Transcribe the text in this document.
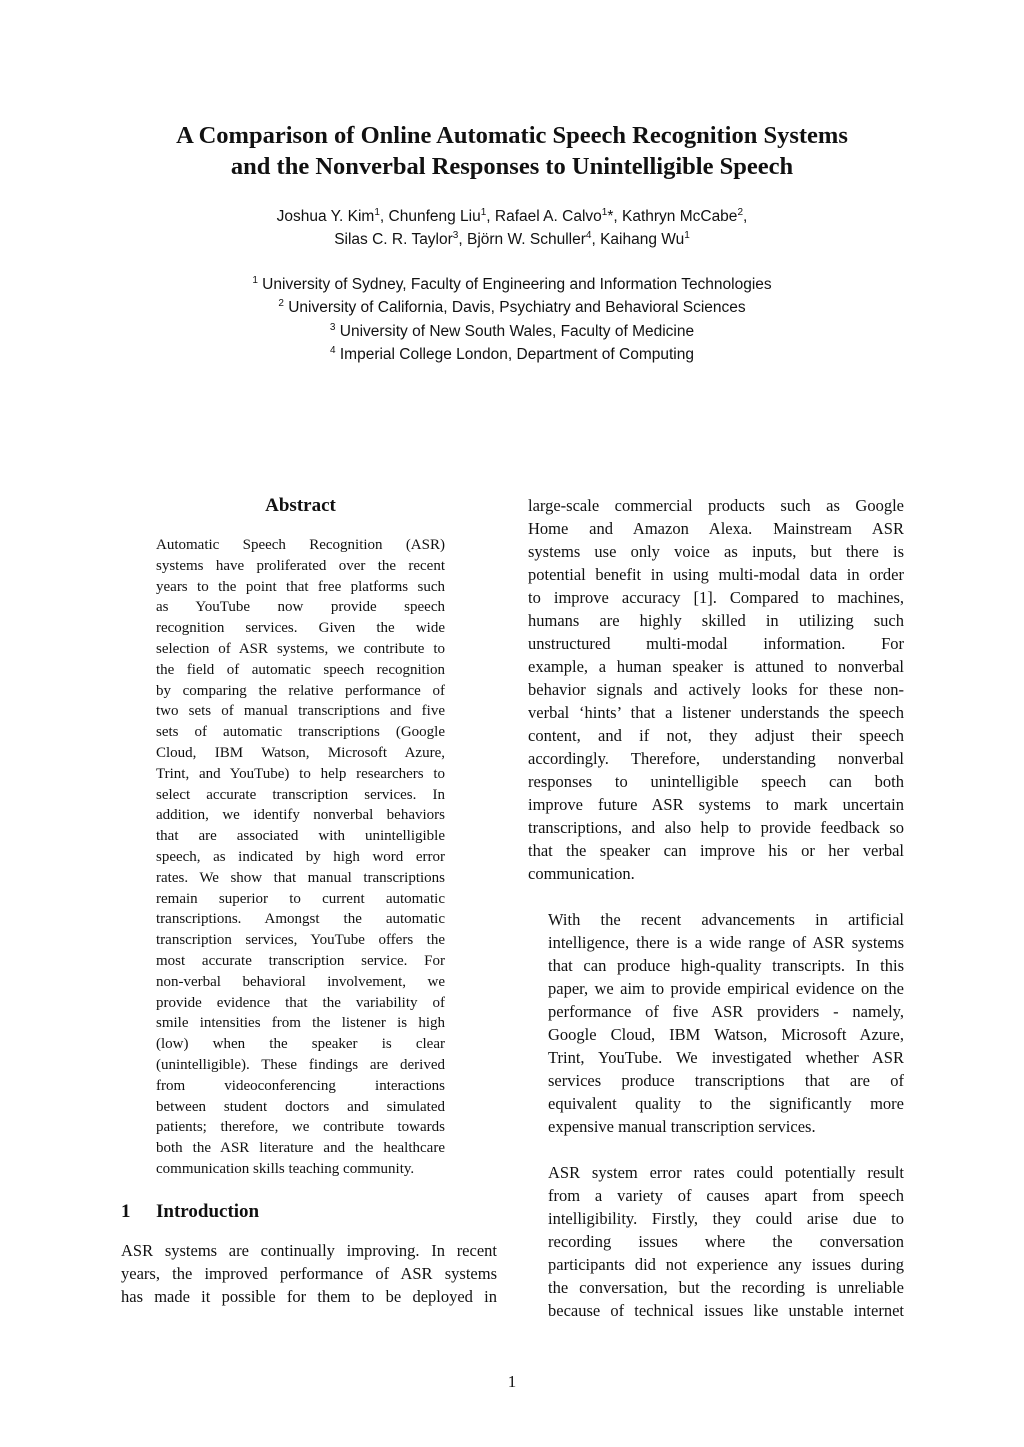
A Comparison of Online Automatic Speech Recognition Systems
and the Nonverbal Responses to Unintelligible Speech
Joshua Y. Kim$^1$, Chunfeng Liu$^1$, Rafael A. Calvo$^1$*, Kathryn McCabe$^2$,
Silas C. R. Taylor$^3$, Björn W. Schuller$^4$, Kaihang Wu$^1$
$^1$ University of Sydney, Faculty of Engineering and Information Technologies
$^2$ University of California, Davis, Psychiatry and Behavioral Sciences
$^3$ University of New South Wales, Faculty of Medicine
$^4$ Imperial College London, Department of Computing
Abstract
Automatic Speech Recognition (ASR)
systems have proliferated over the recent
years to the point that free platforms such
as YouTube now provide speech
recognition services. Given the wide
selection of ASR systems, we contribute to
the field of automatic speech recognition
by comparing the relative performance of
two sets of manual transcriptions and five
sets of automatic transcriptions (Google
Cloud, IBM Watson, Microsoft Azure,
Trint, and YouTube) to help researchers to
select accurate transcription services. In
addition, we identify nonverbal behaviors
that are associated with unintelligible
speech, as indicated by high word error
rates. We show that manual transcriptions
remain superior to current automatic
transcriptions. Amongst the automatic
transcription services, YouTube offers the
most accurate transcription service. For
non-verbal behavioral involvement, we
provide evidence that the variability of
smile intensities from the listener is high
(low) when the speaker is clear
(unintelligible). These findings are derived
from videoconferencing interactions
between student doctors and simulated
patients; therefore, we contribute towards
both the ASR literature and the healthcare
communication skills teaching community.
1 Introduction
ASR systems are continually improving. In recent
years, the improved performance of ASR systems
has made it possible for them to be deployed in
large-scale commercial products such as Google
Home and Amazon Alexa. Mainstream ASR
systems use only voice as inputs, but there is
potential benefit in using multi-modal data in order
to improve accuracy [1]. Compared to machines,
humans are highly skilled in utilizing such
unstructured multi-modal information. For
example, a human speaker is attuned to nonverbal
behavior signals and actively looks for these non-
verbal ‘hints’ that a listener understands the speech
content, and if not, they adjust their speech
accordingly. Therefore, understanding nonverbal
responses to unintelligible speech can both
improve future ASR systems to mark uncertain
transcriptions, and also help to provide feedback so
that the speaker can improve his or her verbal
communication.
With the recent advancements in artificial
intelligence, there is a wide range of ASR systems
that can produce high-quality transcripts. In this
paper, we aim to provide empirical evidence on the
performance of five ASR providers - namely,
Google Cloud, IBM Watson, Microsoft Azure,
Trint, YouTube. We investigated whether ASR
services produce transcriptions that are of
equivalent quality to the significantly more
expensive manual transcription services.
ASR system error rates could potentially result
from a variety of causes apart from speech
intelligibility. Firstly, they could arise due to
recording issues where the conversation
participants did not experience any issues during
the conversation, but the recording is unreliable
because of technical issues like unstable internet
1
